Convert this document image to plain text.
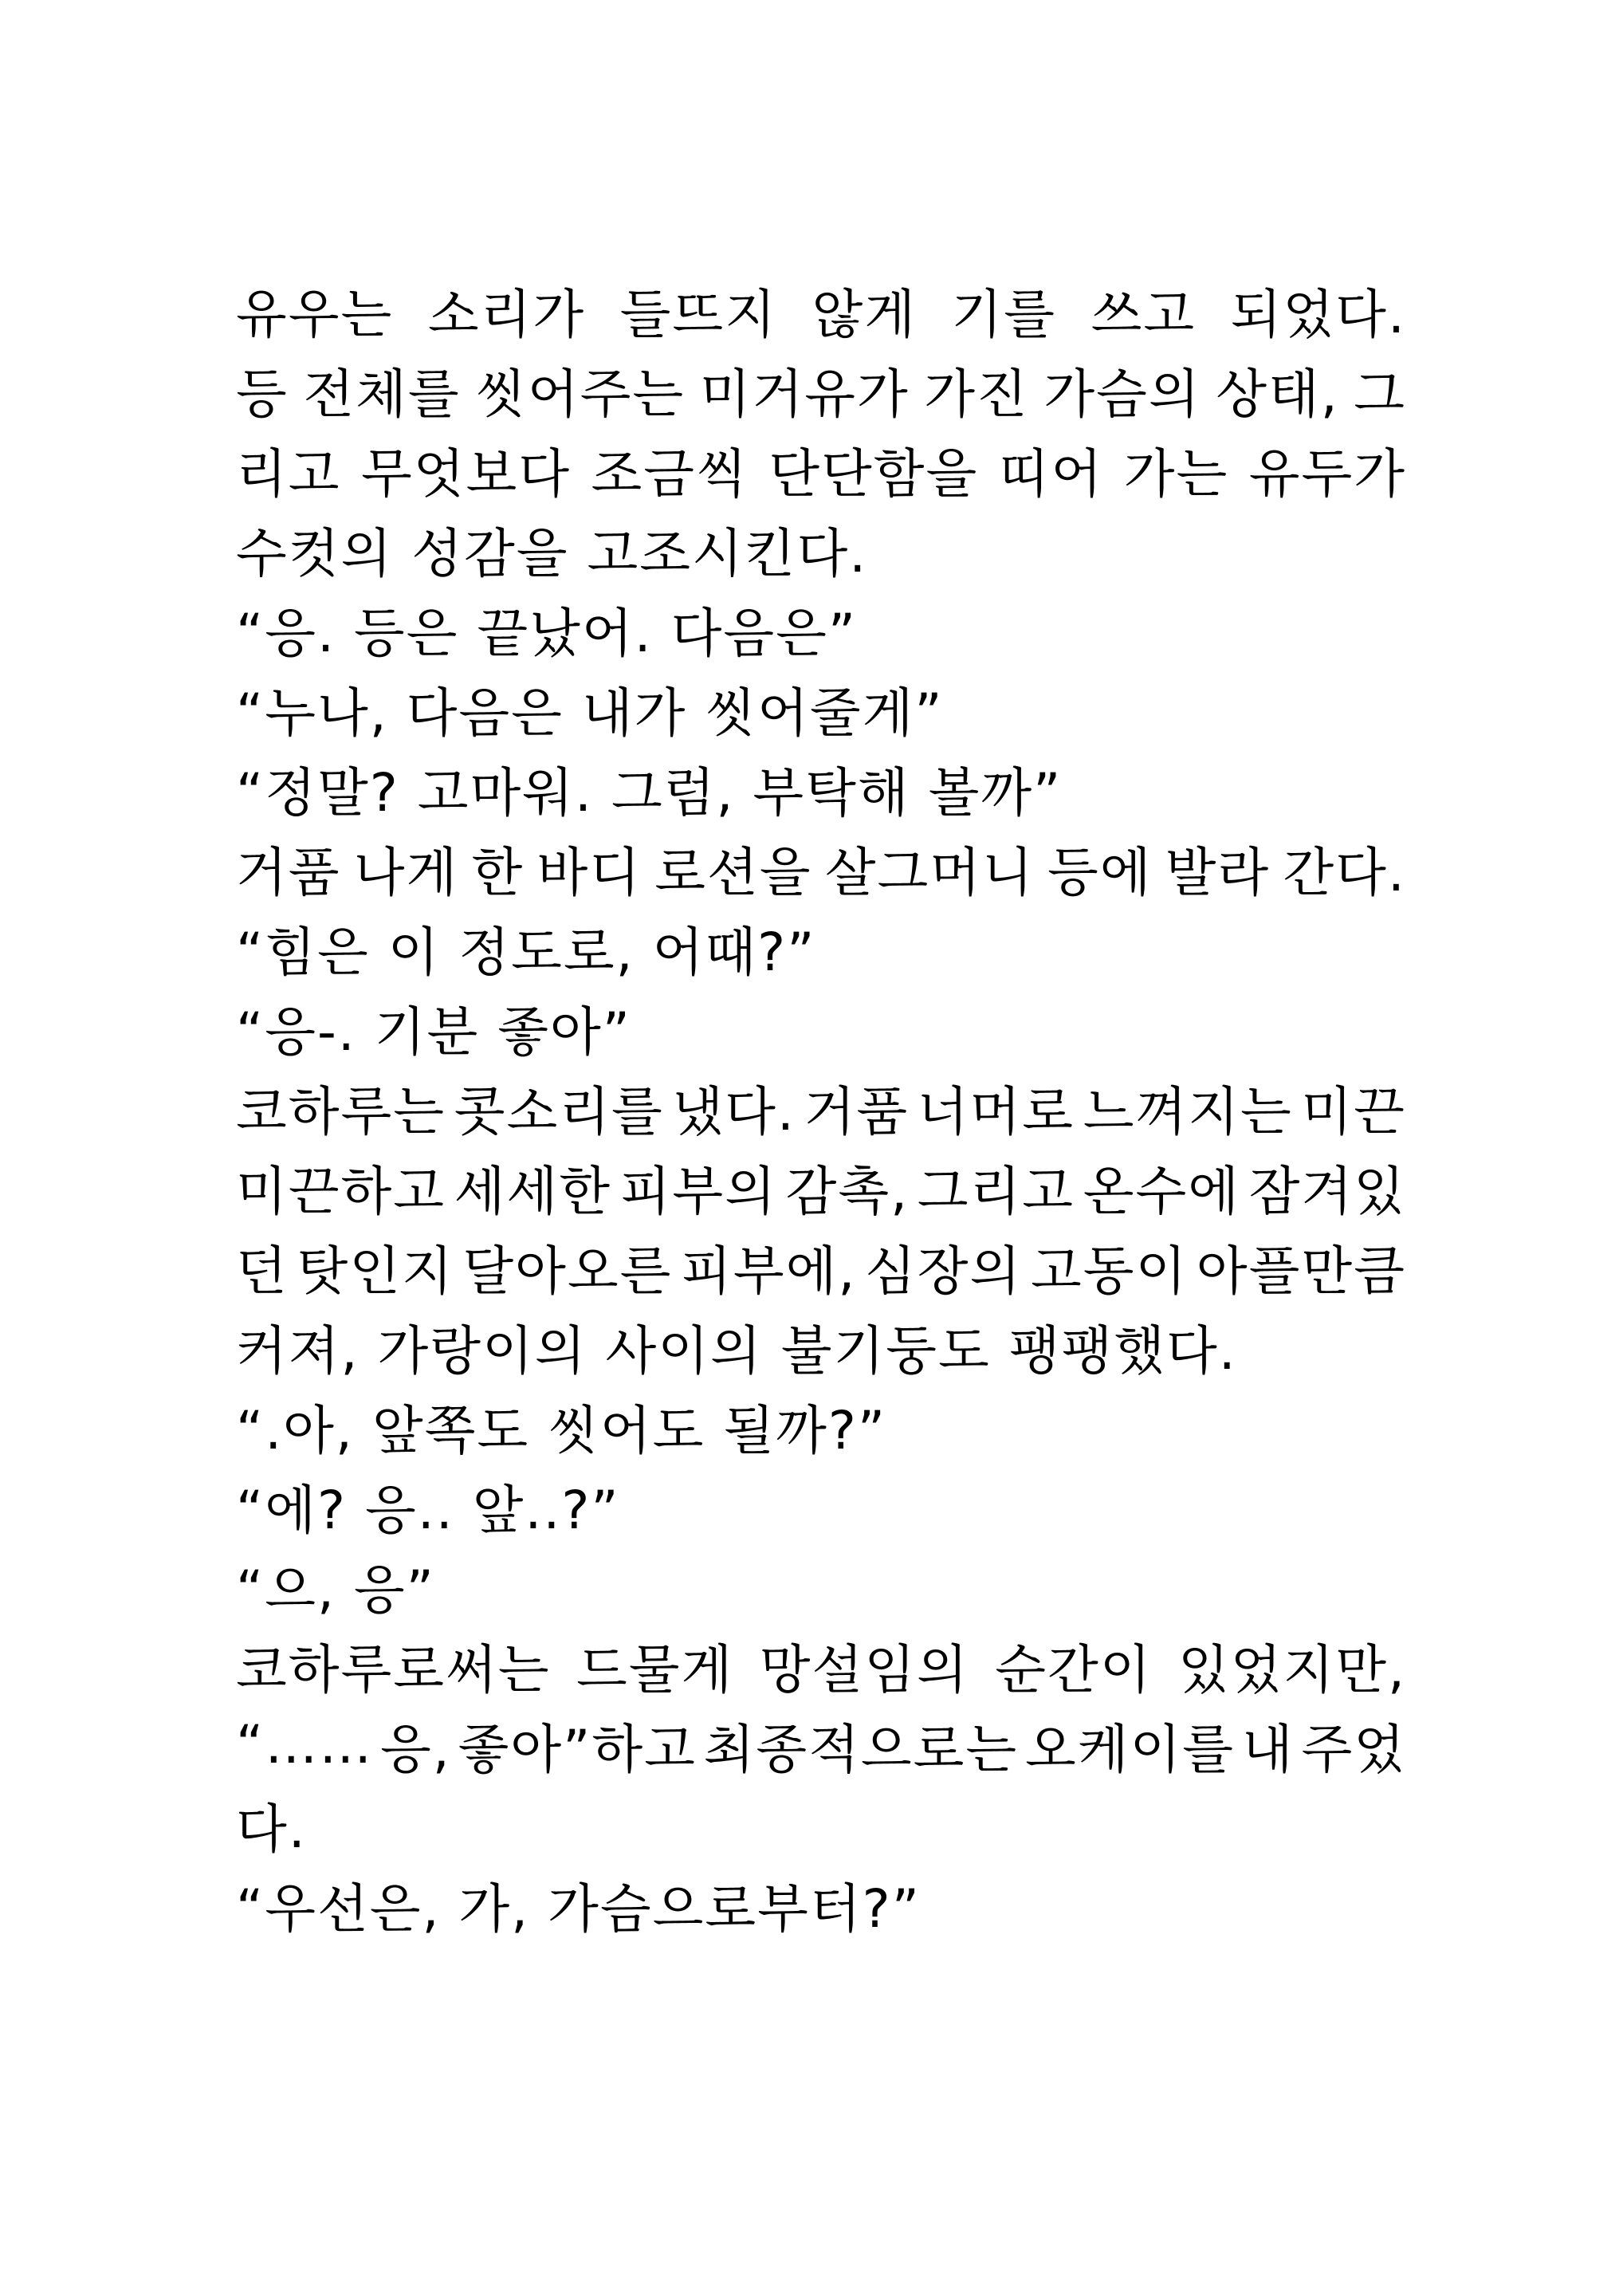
유우는 소리가 들뜨지 않게 기를 쓰고 되었다.
등 전체를 씻어주는 미거유가 가진 가슴의 상태, 그
리고 무엇보다 조금씩 단단함을 띠어 가는 유두가
수컷의 성감을 고조시킨다.
“응. 등은 끝났어. 다음은”
“누나, 다음은 내가 씻어줄게”
“정말? 고마워. 그럼, 부탁해 볼까”
거품 나게 한 바디 로션을 살그머니 등에 발라 간다.
“힘은 이 정도로, 어때?”
“응-. 기분 좋아”
코하루는 콧소리를 냈다. 거품 너머로 느껴지는 미끈
미끈하고 세세한 피부의 감촉, 그리고 온수에 잠겨있
던 탓인지 달아오른 피부에, 심장의 고동이 아플만큼
커져, 가랑이의 사이의 불기둥도 팽팽했다.
“.아, 앞쪽도 씻어도 될까?”
“에? 응.. 앞..?”
“으, 응”
코하루로써는 드물게 망설임의 순간이 있었지만,
“…… 응, 좋아”하고 최종적으로는 오케이를 내 주었
다.
“우선은, 가, 가슴으로부터?”
